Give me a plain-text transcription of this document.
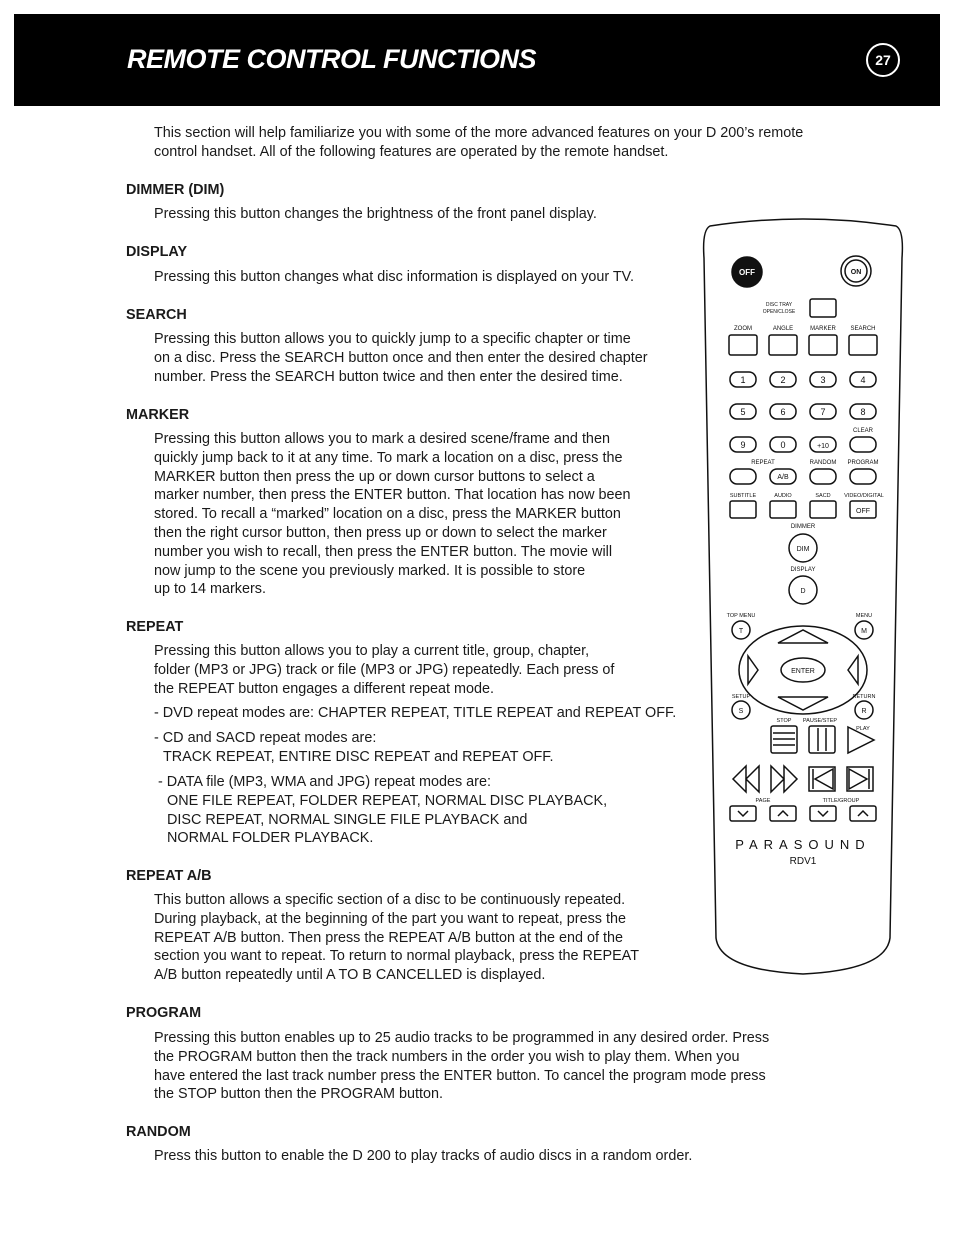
REMOTE CONTROL FUNCTIONS	27
This section will help familiarize you with some of the more advanced features on your D 200’s remote control handset. All of the following features are operated by the remote handset.
DIMMER (DIM)
Pressing this button changes the brightness of the front panel display.
DISPLAY
Pressing this button changes what disc information is displayed on your TV.
SEARCH
Pressing this button allows you to quickly jump to a specific chapter or time
on a disc. Press the SEARCH button once and then enter the desired chapter
number. Press the SEARCH button twice and then enter the desired time.
MARKER
Pressing this button allows you to mark a desired scene/frame and then
quickly jump back to it at any time. To mark a location on a disc, press the
MARKER button then press the up or down cursor buttons to select a
marker number, then press the ENTER button. That location has now been
stored. To recall a “marked” location on a disc, press the MARKER button
then the right cursor button, then press up or down to select the marker
number you wish to recall, then press the ENTER button. The movie will
now jump to the scene you previously marked. It is possible to store
up to 14 markers.
REPEAT
Pressing this button allows you to play a current title, group, chapter,
folder (MP3 or JPG) track or file (MP3 or JPG) repeatedly. Each press of
the REPEAT button engages a different repeat mode.
- DVD repeat modes are: CHAPTER REPEAT, TITLE REPEAT and REPEAT OFF.
- CD and SACD repeat modes are:
TRACK REPEAT, ENTIRE DISC REPEAT and REPEAT OFF.
- DATA file (MP3, WMA and JPG) repeat modes are:
ONE FILE REPEAT, FOLDER REPEAT, NORMAL DISC PLAYBACK,
DISC REPEAT, NORMAL SINGLE FILE PLAYBACK and
NORMAL FOLDER PLAYBACK.
REPEAT A/B
This button allows a specific section of a disc to be continuously repeated.
During playback, at the beginning of the part you want to repeat, press the
REPEAT A/B button. Then press the REPEAT A/B button at the end of the
section you want to repeat. To return to normal playback, press the REPEAT
A/B button repeatedly until A TO B CANCELLED is displayed.
PROGRAM
Pressing this button enables up to 25 audio tracks to be programmed in any desired order. Press
the PROGRAM button then the track numbers in the order you wish to play them. When you
have entered the last track number press the ENTER button. To cancel the program mode press
the STOP button then the PROGRAM button.
RANDOM
Press this button to enable the D 200 to play tracks of audio discs in a random order.
OFF	ON
DISC TRAY
OPEN/CLOSE
ZOOM	ANGLE	MARKER SEARCH
1	2	3	4
5	6	7	8
9	0	+10
CLEAR
REPEAT	RANDOM PROGRAM
A/B
SUBTITLE	AUDIO	SACD VIDEO/DIGITAL
OFF
DIMMER
DIM
DISPLAY
D
TOP MENU
T
MENU
M
ENTER
SETUP
S
RETURN
R
STOP PAUSE/STEP
PLAY
PAGE	TITLE/GROUP
PARASOUND
RDV1
